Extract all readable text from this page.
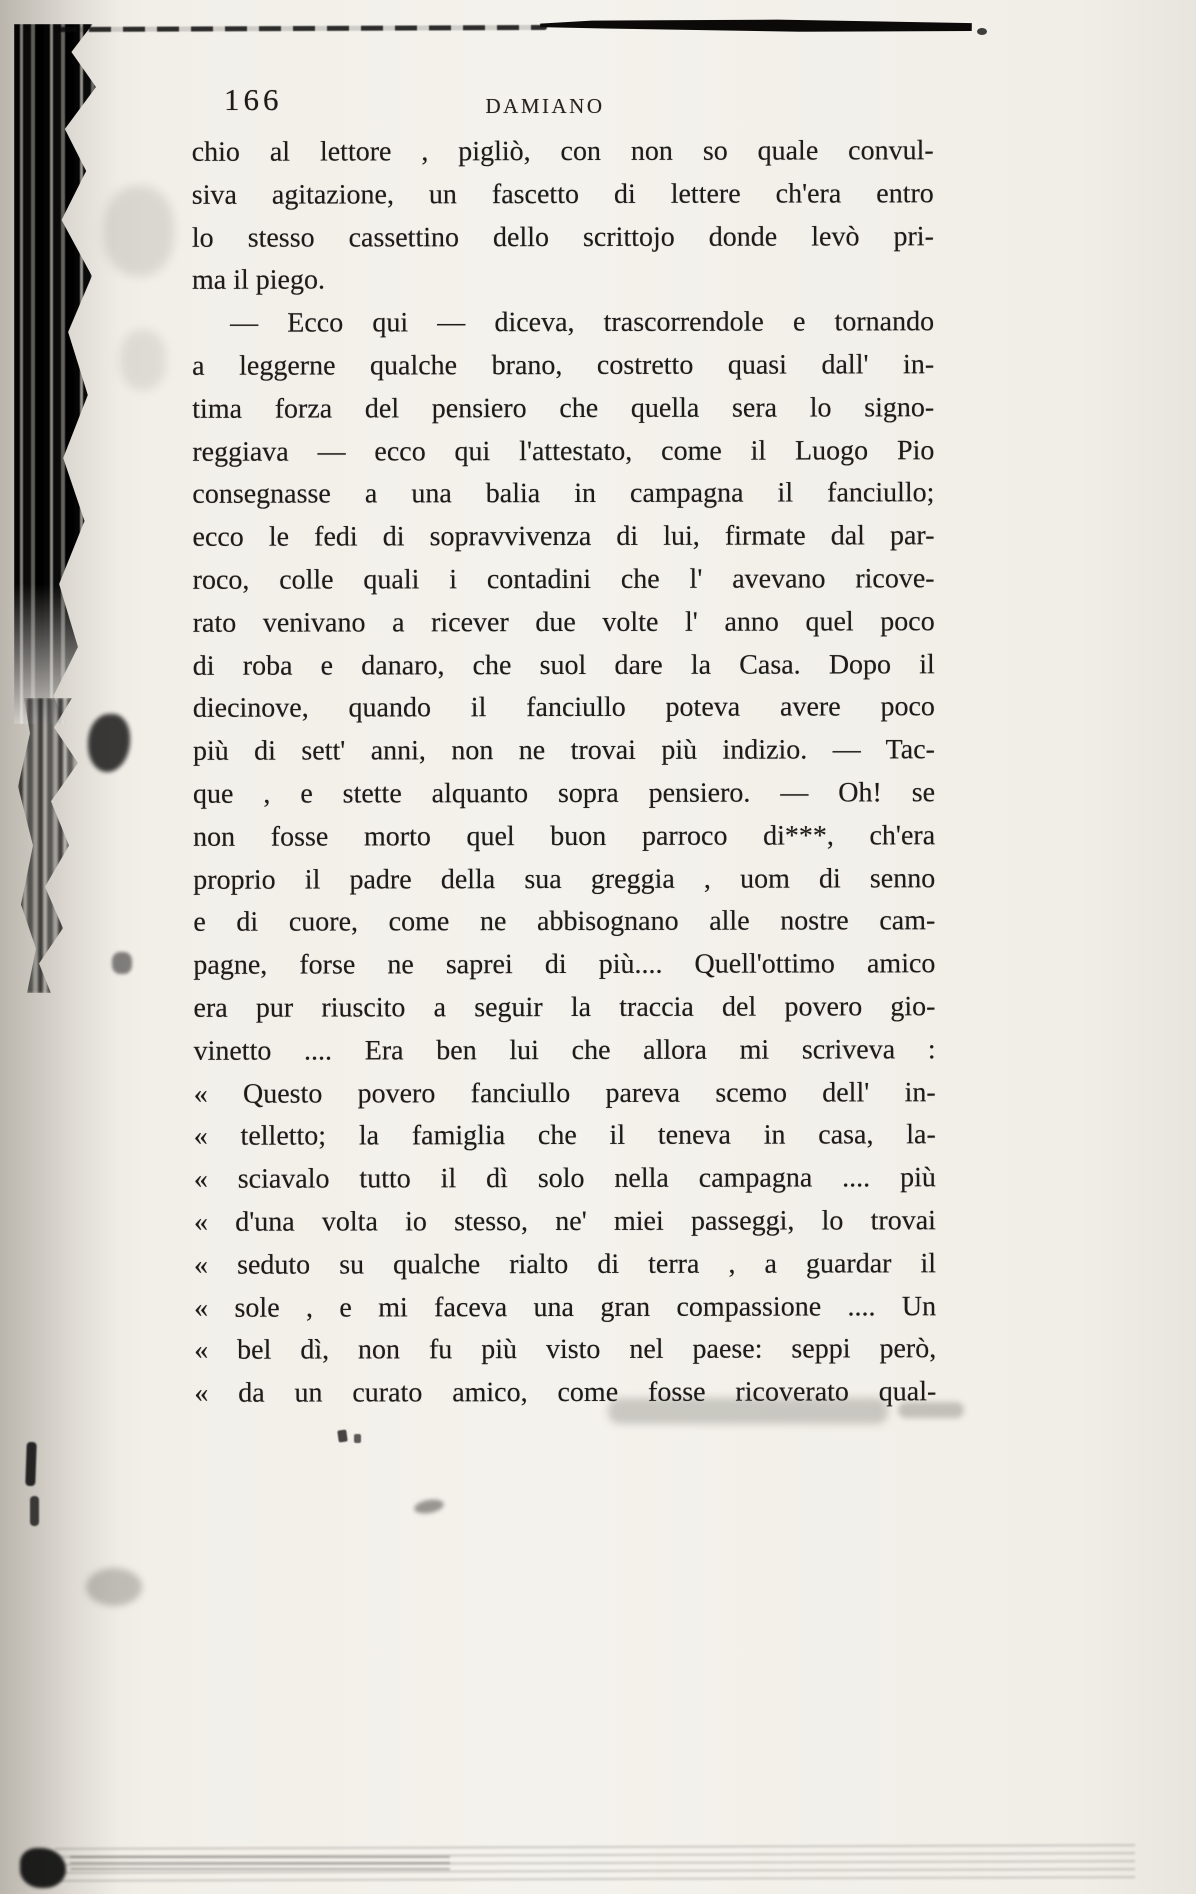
166	DAMIANO
chio al lettore , pigliò, con non so quale convul-
siva agitazione, un fascetto di lettere ch'era entro
lo stesso cassettino dello scrittojo donde levò pri-
ma il piego.
— Ecco qui — diceva, trascorrendole e tornando
a leggerne qualche brano, costretto quasi dall' in-
tima forza del pensiero che quella sera lo signo-
reggiava — ecco qui l'attestato, come il Luogo Pio
consegnasse a una balia in campagna il fanciullo;
ecco le fedi di sopravvivenza di lui, firmate dal par-
roco, colle quali i contadini che l' avevano ricove-
rato venivano a ricever due volte l' anno quel poco
di roba e danaro, che suol dare la Casa. Dopo il
diecinove, quando il fanciullo poteva avere poco
più di sett' anni, non ne trovai più indizio. — Tac-
que , e stette alquanto sopra pensiero. — Oh! se
non fosse morto quel buon parroco di***, ch'era
proprio il padre della sua greggia , uom di senno
e di cuore, come ne abbisognano alle nostre cam-
pagne, forse ne saprei di più.... Quell'ottimo amico
era pur riuscito a seguir la traccia del povero gio-
vinetto .... Era ben lui che allora mi scriveva :
« Questo povero fanciullo pareva scemo dell' in-
« telletto; la famiglia che il teneva in casa, la-
« sciavalo tutto il dì solo nella campagna .... più
« d'una volta io stesso, ne' miei passeggi, lo trovai
« seduto su qualche rialto di terra , a guardar il
« sole , e mi faceva una gran compassione .... Un
« bel dì, non fu più visto nel paese: seppi però,
« da un curato amico, come fosse ricoverato qual-
